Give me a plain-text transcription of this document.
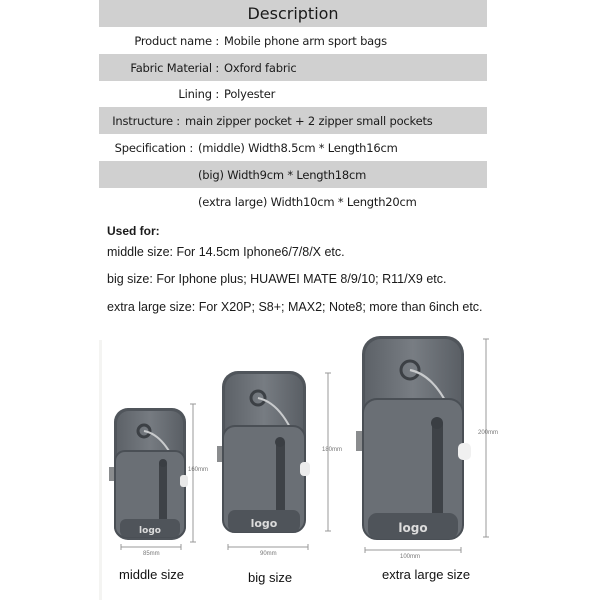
Description
Product name : Mobile phone arm sport bags
Fabric Material : Oxford fabric
Lining : Polyester
Instructure : main zipper pocket + 2 zipper small pockets
Specification : (middle) Width8.5cm * Length16cm
(big) Width9cm * Length18cm
(extra large) Width10cm * Length20cm
Used for:
middle size: For 14.5cm Iphone6/7/8/X etc.
big size: For Iphone plus; HUAWEI MATE 8/9/10; R11/X9 etc.
extra large size: For X20P; S8+; MAX2; Note8; more than 6inch etc.
logo
160mm
85mm
middle size
logo
180mm
90mm
big size
logo
200mm
100mm
extra large size
